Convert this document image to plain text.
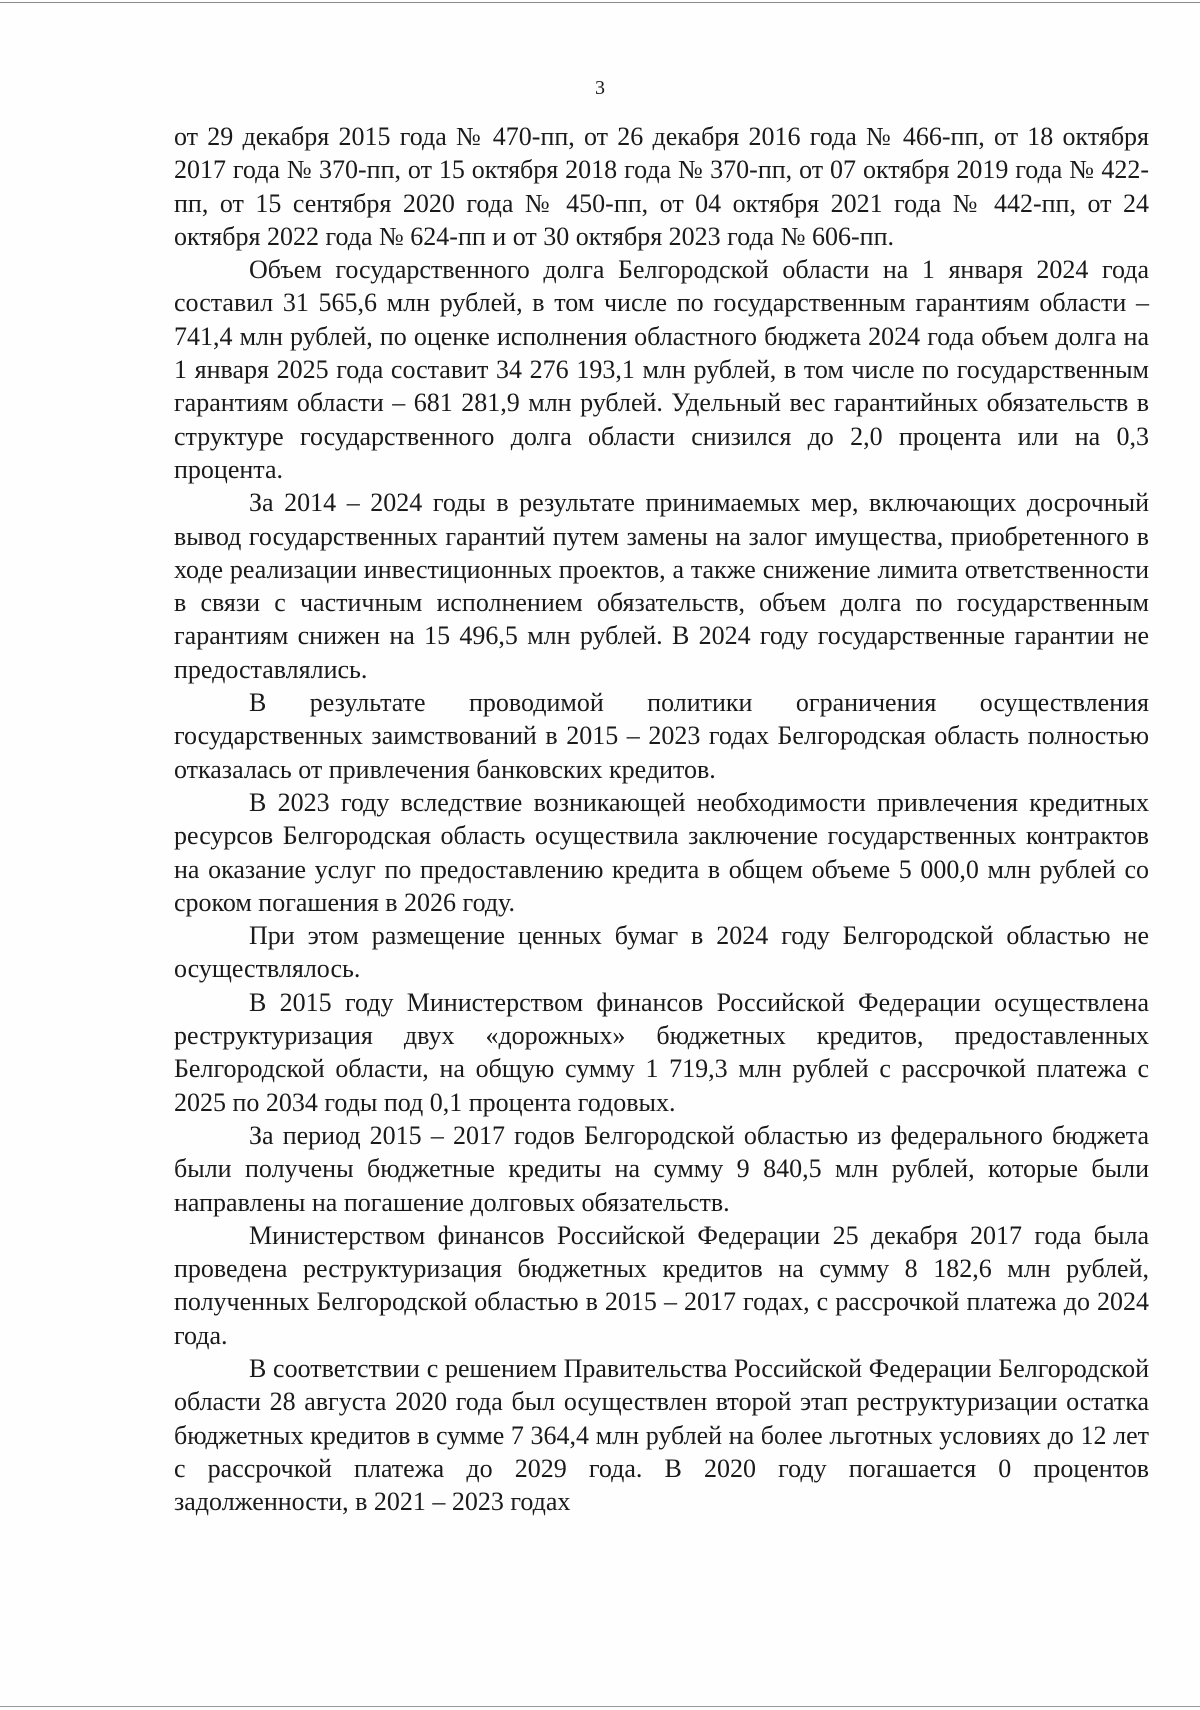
3

от 29 декабря 2015 года № 470-пп, от 26 декабря 2016 года № 466-пп, от 18 октября 2017 года № 370-пп, от 15 октября 2018 года № 370-пп, от 07 октября 2019 года № 422-пп, от 15 сентября 2020 года № 450-пп, от 04 октября 2021 года № 442-пп, от 24 октября 2022 года № 624-пп и от 30 октября 2023 года № 606-пп.

Объем государственного долга Белгородской области на 1 января 2024 года составил 31 565,6 млн рублей, в том числе по государственным гарантиям области – 741,4 млн рублей, по оценке исполнения областного бюджета 2024 года объем долга на 1 января 2025 года составит 34 276 193,1 млн рублей, в том числе по государственным гарантиям области – 681 281,9 млн рублей. Удельный вес гарантийных обязательств в структуре государственного долга области снизился до 2,0 процента или на 0,3 процента.

За 2014 – 2024 годы в результате принимаемых мер, включающих досрочный вывод государственных гарантий путем замены на залог имущества, приобретенного в ходе реализации инвестиционных проектов, а также снижение лимита ответственности в связи с частичным исполнением обязательств, объем долга по государственным гарантиям снижен на 15 496,5 млн рублей. В 2024 году государственные гарантии не предоставлялись.

В результате проводимой политики ограничения осуществления государственных заимствований в 2015 – 2023 годах Белгородская область полностью отказалась от привлечения банковских кредитов.

В 2023 году вследствие возникающей необходимости привлечения кредитных ресурсов Белгородская область осуществила заключение государственных контрактов на оказание услуг по предоставлению кредита в общем объеме 5 000,0 млн рублей со сроком погашения в 2026 году.

При этом размещение ценных бумаг в 2024 году Белгородской областью не осуществлялось.

В 2015 году Министерством финансов Российской Федерации осуществлена реструктуризация двух «дорожных» бюджетных кредитов, предоставленных Белгородской области, на общую сумму 1 719,3 млн рублей с рассрочкой платежа с 2025 по 2034 годы под 0,1 процента годовых.

За период 2015 – 2017 годов Белгородской областью из федерального бюджета были получены бюджетные кредиты на сумму 9 840,5 млн рублей, которые были направлены на погашение долговых обязательств.

Министерством финансов Российской Федерации 25 декабря 2017 года была проведена реструктуризация бюджетных кредитов на сумму 8 182,6 млн рублей, полученных Белгородской областью в 2015 – 2017 годах, с рассрочкой платежа до 2024 года.

В соответствии с решением Правительства Российской Федерации Белгородской области 28 августа 2020 года был осуществлен второй этап реструктуризации остатка бюджетных кредитов в сумме 7 364,4 млн рублей на более льготных условиях до 12 лет с рассрочкой платежа до 2029 года. В 2020 году погашается 0 процентов задолженности, в 2021 – 2023 годах
